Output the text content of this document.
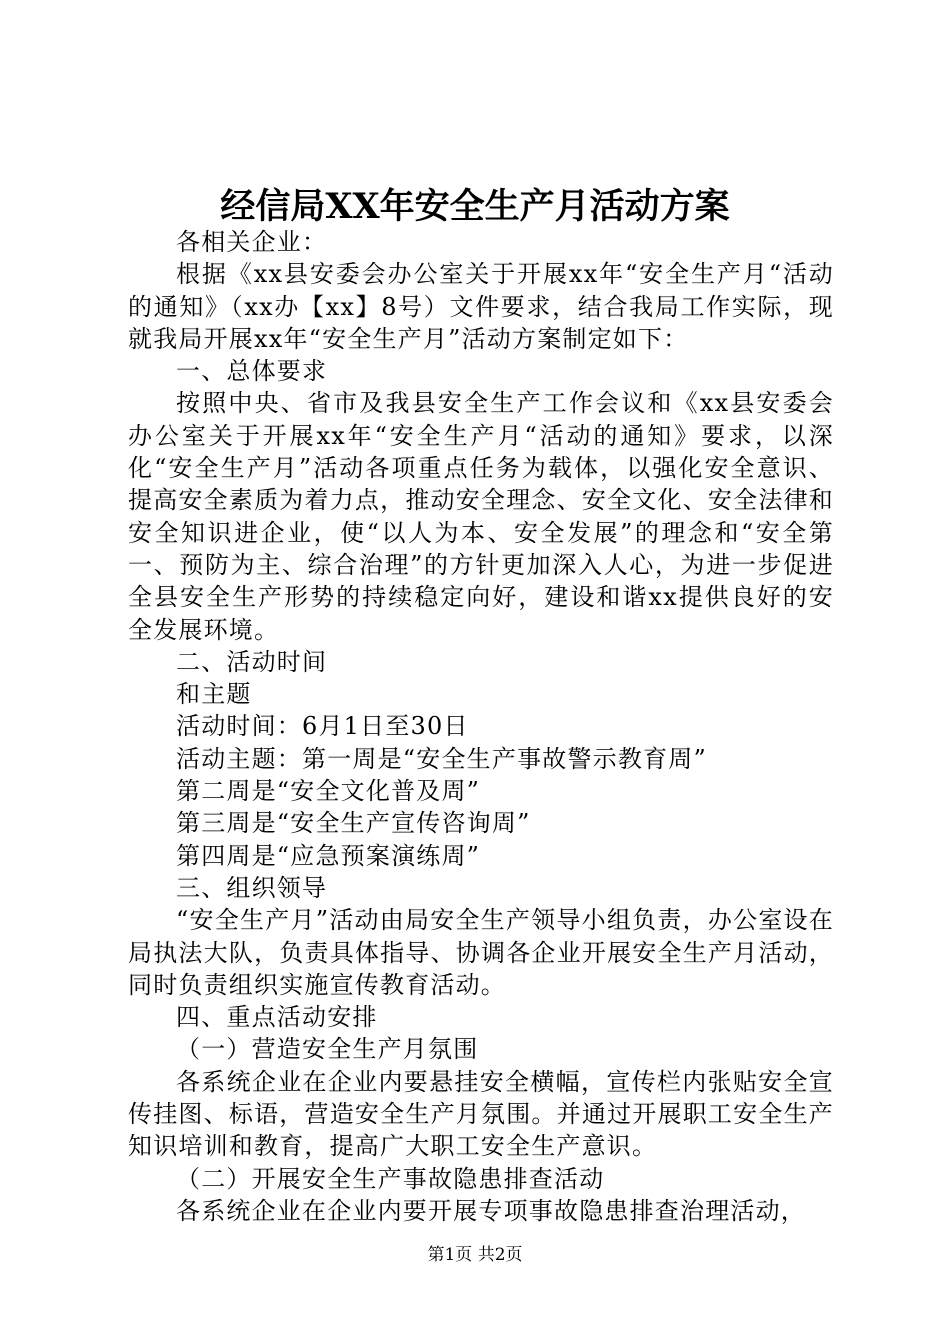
经信局XX年安全生产月活动方案

各相关企业：

根据《xx县安委会办公室关于开展xx年“安全生产月“活动的通知》（xx办【xx】8号）文件要求，结合我局工作实际，现就我局开展xx年“安全生产月”活动方案制定如下：

一、总体要求

按照中央、省市及我县安全生产工作会议和《xx县安委会办公室关于开展xx年“安全生产月“活动的通知》要求，以深化“安全生产月”活动各项重点任务为载体，以强化安全意识、提高安全素质为着力点，推动安全理念、安全文化、安全法律和安全知识进企业，使“以人为本、安全发展”的理念和“安全第一、预防为主、综合治理”的方针更加深入人心，为进一步促进全县安全生产形势的持续稳定向好，建设和谐xx提供良好的安全发展环境。

二、活动时间

和主题

活动时间：6月1日至30日

活动主题：第一周是“安全生产事故警示教育周”

第二周是“安全文化普及周”

第三周是“安全生产宣传咨询周”

第四周是“应急预案演练周”

三、组织领导

“安全生产月”活动由局安全生产领导小组负责，办公室设在局执法大队，负责具体指导、协调各企业开展安全生产月活动，同时负责组织实施宣传教育活动。

四、重点活动安排

（一）营造安全生产月氛围

各系统企业在企业内要悬挂安全横幅，宣传栏内张贴安全宣传挂图、标语，营造安全生产月氛围。并通过开展职工安全生产知识培训和教育，提高广大职工安全生产意识。

（二）开展安全生产事故隐患排查活动

各系统企业在企业内要开展专项事故隐患排查治理活动，

第1页 共2页
